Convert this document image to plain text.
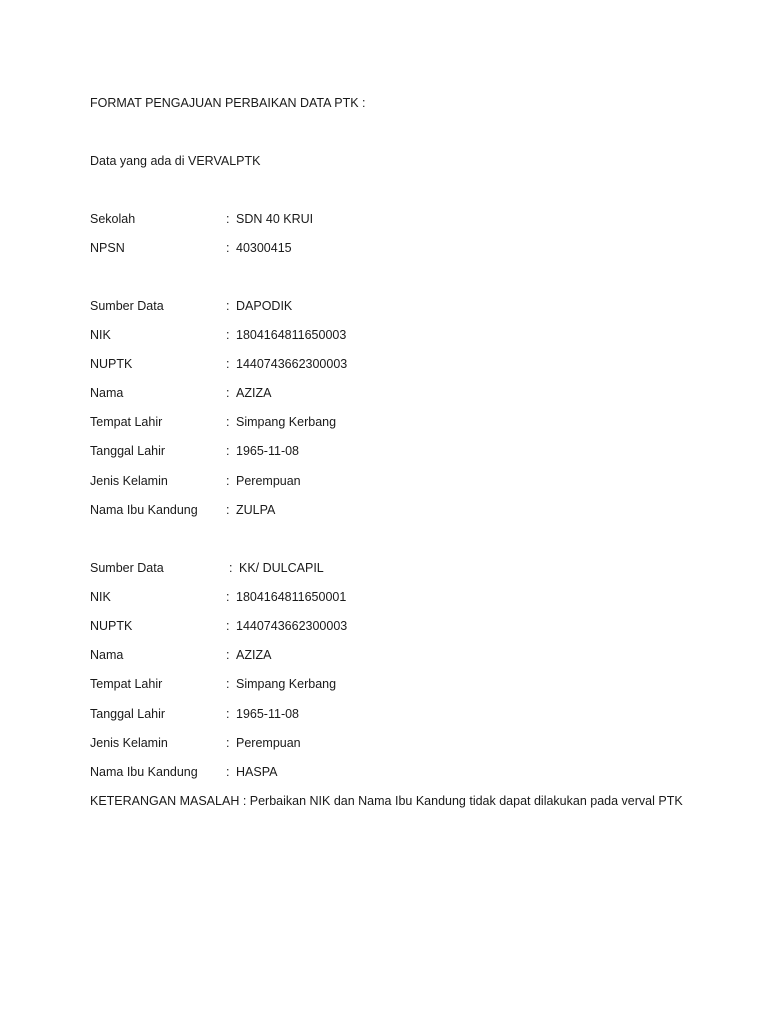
FORMAT PENGAJUAN PERBAIKAN DATA PTK :
Data yang ada di VERVALPTK
Sekolah	: SDN 40 KRUI
NPSN	: 40300415
Sumber Data	: DAPODIK
NIK	: 1804164811650003
NUPTK	: 1440743662300003
Nama	: AZIZA
Tempat Lahir	: Simpang Kerbang
Tanggal Lahir	: 1965-11-08
Jenis Kelamin	: Perempuan
Nama Ibu Kandung : ZULPA
Sumber Data	: KK/ DULCAPIL
NIK	: 1804164811650001
NUPTK	: 1440743662300003
Nama	: AZIZA
Tempat Lahir	: Simpang Kerbang
Tanggal Lahir	: 1965-11-08
Jenis Kelamin	: Perempuan
Nama Ibu Kandung : HASPA
KETERANGAN MASALAH : Perbaikan NIK dan Nama Ibu Kandung tidak dapat dilakukan pada verval PTK
